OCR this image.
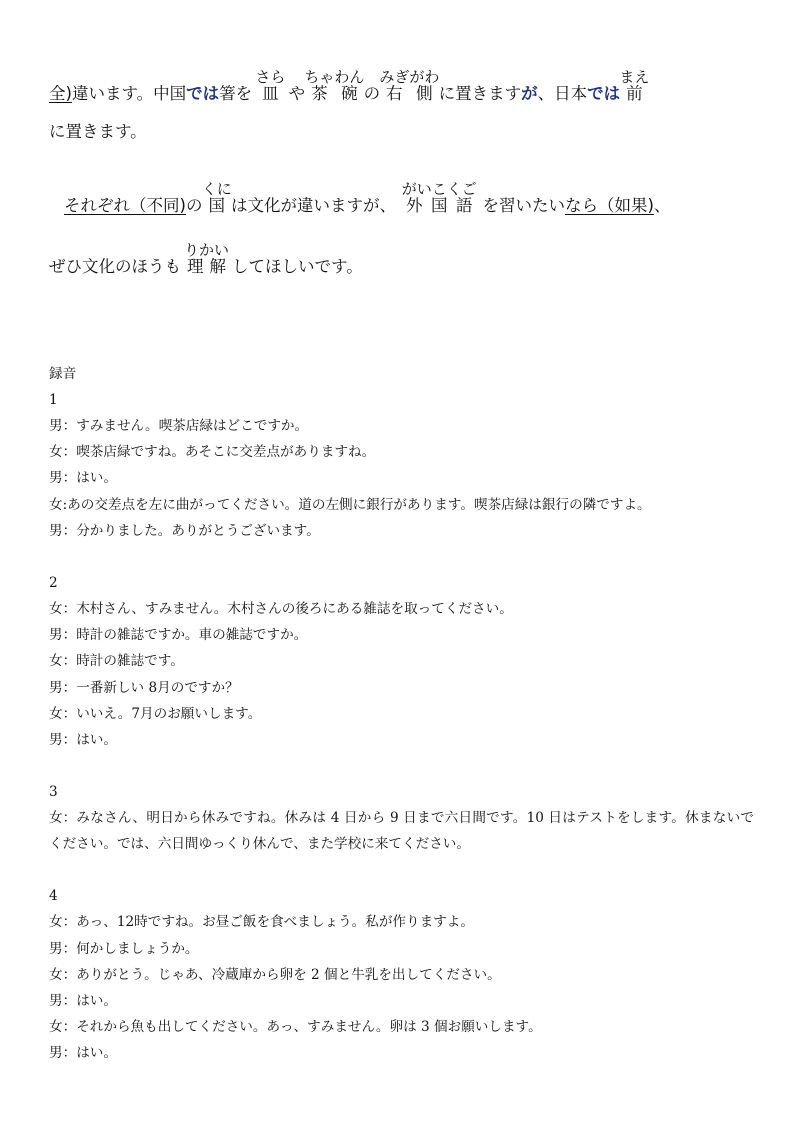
全)違います。中国では箸を 皿さらや茶碗ちゃわんの右側みぎがわに置きますが、日本では前まえ
に置きます。
それぞれ（不同)の国くには文化が違いますが、 外国語がいこくごを習いたいなら（如果)、
ぜひ文化のほうも 理解りかいしてほしいです。
録音
1
男：すみません。喫茶店緑はどこですか。
女：喫茶店緑ですね。あそこに交差点がありますね。
男：はい。
女:あの交差点を左に曲がってください。道の左側に銀行があります。喫茶店緑は銀行の隣ですよ。
男：分かりました。ありがとうございます。
2
女：木村さん、すみません。木村さんの後ろにある雑誌を取ってください。
男：時計の雑誌ですか。車の雑誌ですか。
女：時計の雑誌です。
男：一番新しい 8月のですか？
女：いいえ。7月のお願いします。
男：はい。
3
女：みなさん、明日から休みですね。休みは 4 日から 9 日まで六日間です。10 日はテストをします。休まないでください。では、六日間ゆっくり休んで、また学校に来てください。
4
女：あっ、12時ですね。お昼ご飯を食べましょう。私が作りますよ。
男：何かしましょうか。
女：ありがとう。じゃあ、冷蔵庫から卵を 2 個と牛乳を出してください。
男：はい。
女：それから魚も出してください。あっ、すみません。卵は 3 個お願いします。
男：はい。
